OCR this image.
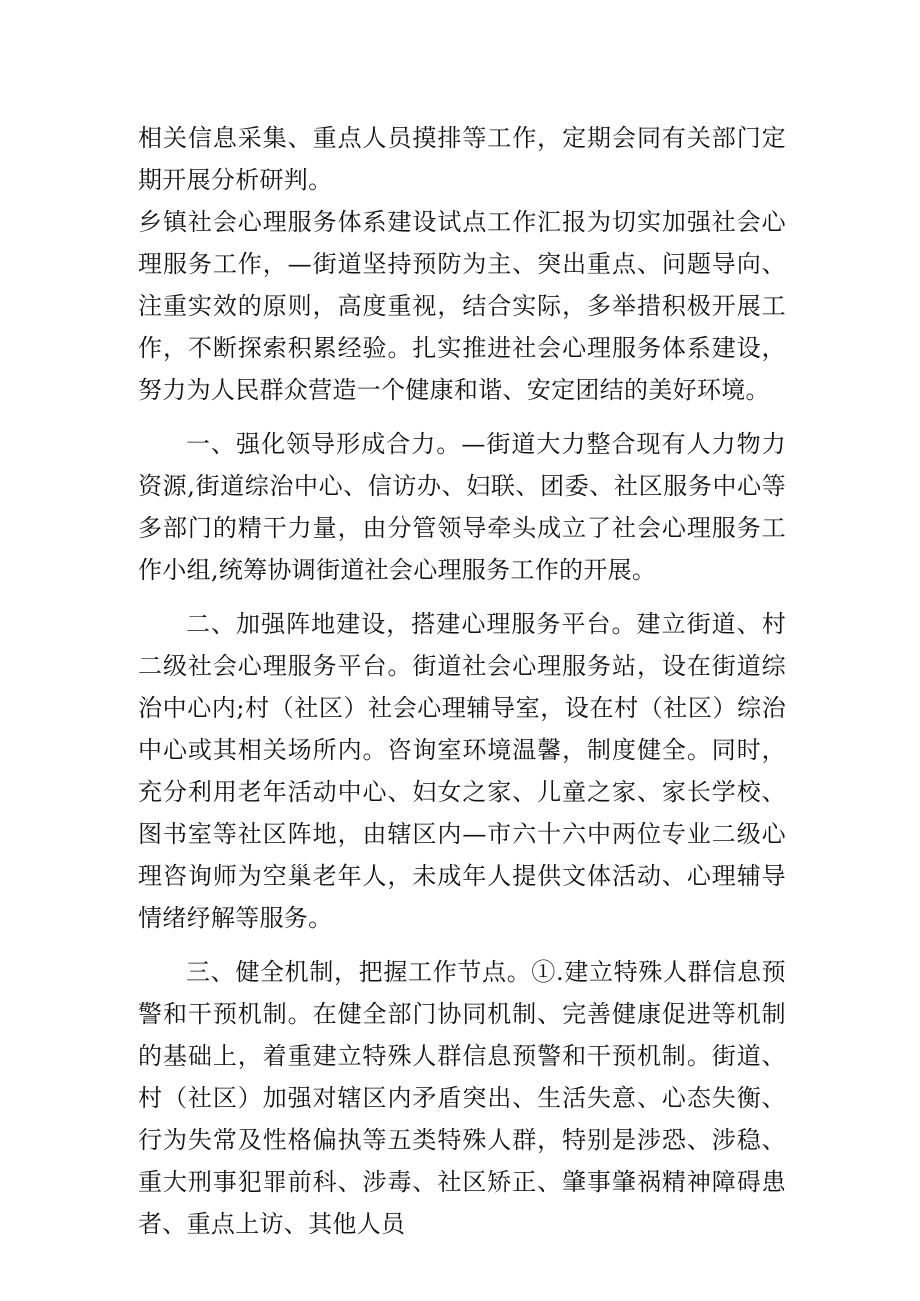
相关信息采集、重点人员摸排等工作，定期会同有关部门定期开展分析研判。

乡镇社会心理服务体系建设试点工作汇报为切实加强社会心理服务工作，—街道坚持预防为主、突出重点、问题导向、注重实效的原则，高度重视，结合实际，多举措积极开展工作，不断探索积累经验。扎实推进社会心理服务体系建设，努力为人民群众营造一个健康和谐、安定团结的美好环境。

一、强化领导形成合力。—街道大力整合现有人力物力资源,街道综治中心、信访办、妇联、团委、社区服务中心等多部门的精干力量，由分管领导牵头成立了社会心理服务工作小组,统筹协调街道社会心理服务工作的开展。

二、加强阵地建设，搭建心理服务平台。建立街道、村二级社会心理服务平台。街道社会心理服务站，设在街道综治中心内;村（社区）社会心理辅导室，设在村（社区）综治中心或其相关场所内。咨询室环境温馨，制度健全。同时，充分利用老年活动中心、妇女之家、儿童之家、家长学校、图书室等社区阵地，由辖区内—市六十六中两位专业二级心理咨询师为空巢老年人，未成年人提供文体活动、心理辅导情绪纾解等服务。

三、健全机制，把握工作节点。①.建立特殊人群信息预警和干预机制。在健全部门协同机制、完善健康促进等机制的基础上，着重建立特殊人群信息预警和干预机制。街道、村（社区）加强对辖区内矛盾突出、生活失意、心态失衡、行为失常及性格偏执等五类特殊人群，特别是涉恐、涉稳、重大刑事犯罪前科、涉毒、社区矫正、肇事肇祸精神障碍患者、重点上访、其他人员
